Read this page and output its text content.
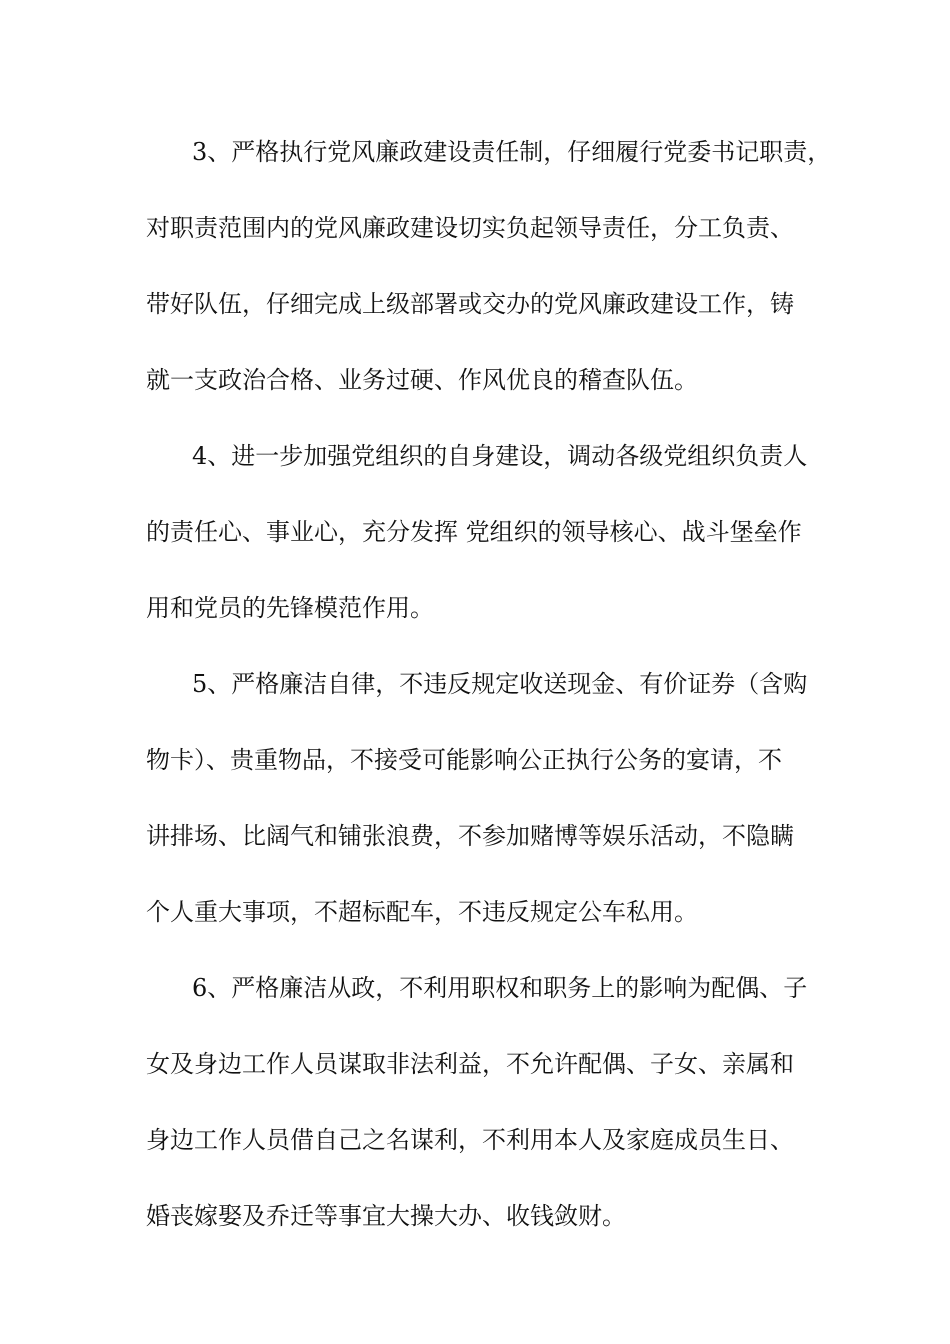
3、严格执行党风廉政建设责任制，仔细履行党委书记职责，
对职责范围内的党风廉政建设切实负起领导责任，分工负责、
带好队伍，仔细完成上级部署或交办的党风廉政建设工作，铸
就一支政治合格、业务过硬、作风优良的稽查队伍。
4、进一步加强党组织的自身建设，调动各级党组织负责人
的责任心、事业心，充分发挥 党组织的领导核心、战斗堡垒作
用和党员的先锋模范作用。
5、严格廉洁自律，不违反规定收送现金、有价证券（含购
物卡）、贵重物品，不接受可能影响公正执行公务的宴请，不
讲排场、比阔气和铺张浪费，不参加赌博等娱乐活动，不隐瞒
个人重大事项，不超标配车，不违反规定公车私用。
6、严格廉洁从政，不利用职权和职务上的影响为配偶、子
女及身边工作人员谋取非法利益，不允许配偶、子女、亲属和
身边工作人员借自己之名谋利，不利用本人及家庭成员生日、
婚丧嫁娶及乔迁等事宜大操大办、收钱敛财。
